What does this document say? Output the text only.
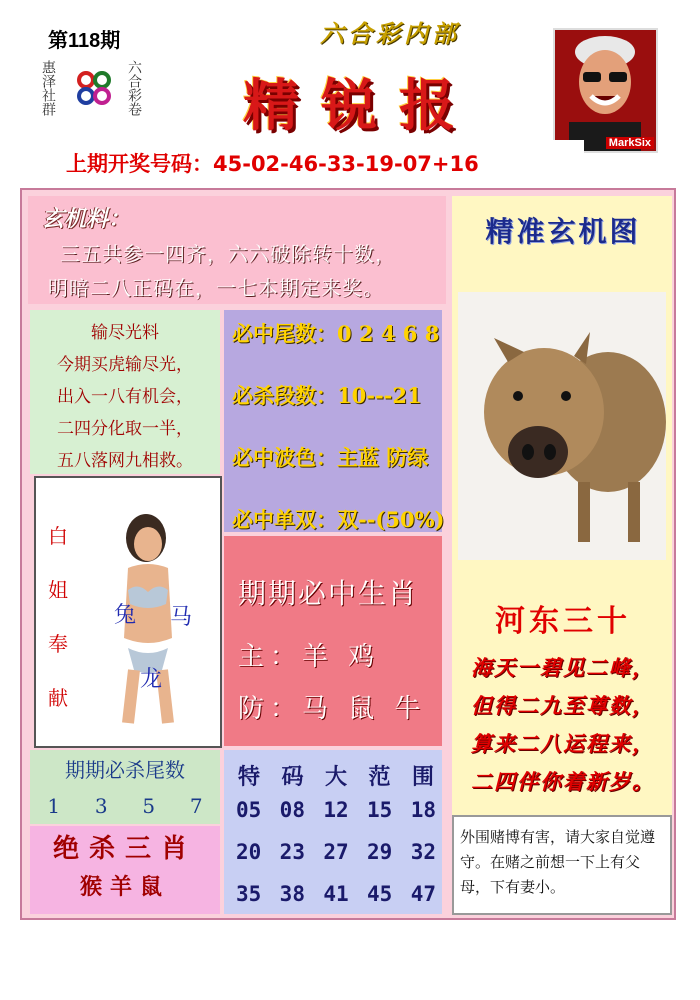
第118期	六合彩内部
精锐报
惠泽社群	六合彩卷
MarkSix
上期开奖号码：45-02-46-33-19-07+16
玄机料：
三五共参一四齐，六六破除转十数，
明暗二八正码在，一七本期定来奖。
输尽光料
今期买虎输尽光，
出入一八有机会，
二四分化取一半，
五八落网九相救。
必中尾数：0 2 4 6 8
必杀段数：10---21
必中波色：主蓝 防绿
必中单双：双--(50%)
白
姐
奉
献
兔 马
龙
期期必中生肖
主：羊 鸡
防：马 鼠 牛
精准玄机图
河东三十
海天一碧见二峰，
但得二九至尊数，
算来二八运程来，
二四伴你着新岁。
外围赌博有害，请大家自觉遵守。在赌之前想一下上有父母，下有妻小。
期期必杀尾数
1 3 5 7
绝杀三肖
猴羊鼠
特 码 大 范 围
05 08 12 15 18
20 23 27 29 32
35 38 41 45 47
